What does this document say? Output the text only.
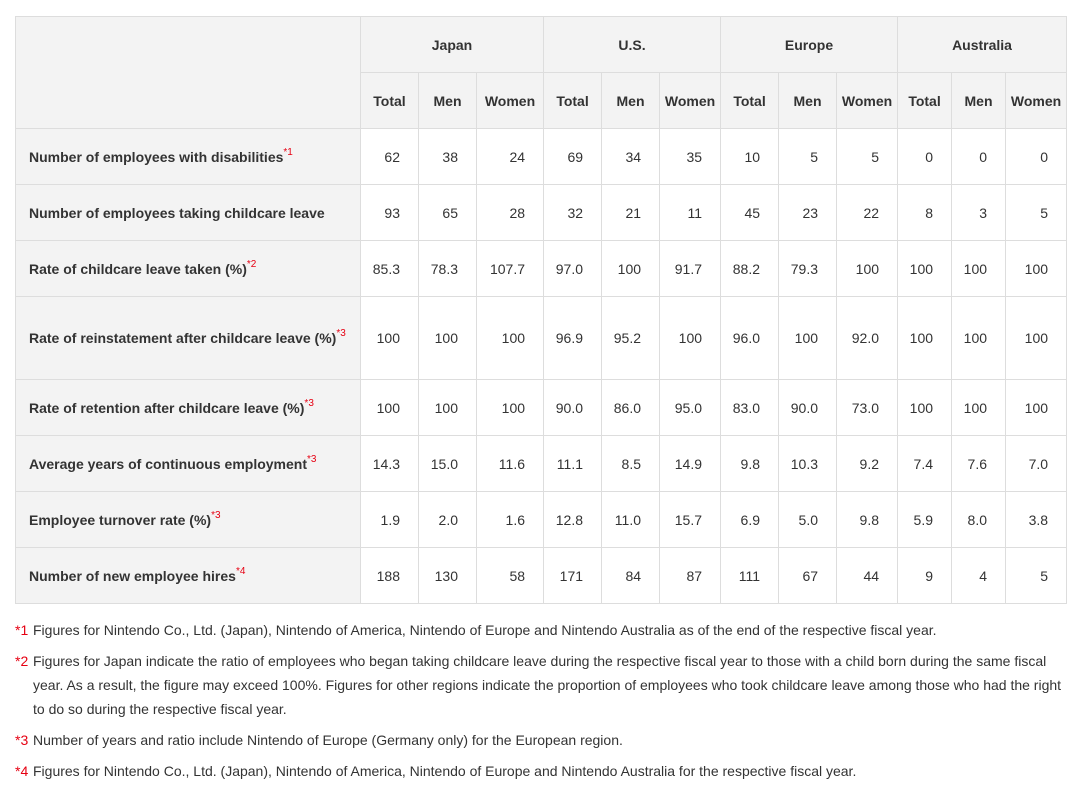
	Japan			U.S.			Europe			Australia		
	Total	Men	Women	Total	Men	Women	Total	Men	Women	Total	Men	Women
Number of employees with disabilities$^{*1}$	62	38	24	69	34	35	10	5	5	0	0	0
Number of employees taking childcare leave	93	65	28	32	21	11	45	23	22	8	3	5
Rate of childcare leave taken (%)$^{*2}$	85.3	78.3	107.7	97.0	100	91.7	88.2	79.3	100	100	100	100
Rate of reinstatement after childcare leave (%)$^{*3}$	100	100	100	96.9	95.2	100	96.0	100	92.0	100	100	100
Rate of retention after childcare leave (%)$^{*3}$	100	100	100	90.0	86.0	95.0	83.0	90.0	73.0	100	100	100
Average years of continuous employment$^{*3}$	14.3	15.0	11.6	11.1	8.5	14.9	9.8	10.3	9.2	7.4	7.6	7.0
Employee turnover rate (%)$^{*3}$	1.9	2.0	1.6	12.8	11.0	15.7	6.9	5.0	9.8	5.9	8.0	3.8
Number of new employee hires$^{*4}$	188	130	58	171	84	87	111	67	44	9	4	5
*1 Figures for Nintendo Co., Ltd. (Japan), Nintendo of America, Nintendo of Europe and Nintendo Australia as of the end of the respective fiscal year.
*2 Figures for Japan indicate the ratio of employees who began taking childcare leave during the respective fiscal year to those with a child born during the same fiscal year. As a result, the figure may exceed 100%. Figures for other regions indicate the proportion of employees who took childcare leave among those who had the right to do so during the respective fiscal year.
*3 Number of years and ratio include Nintendo of Europe (Germany only) for the European region.
*4 Figures for Nintendo Co., Ltd. (Japan), Nintendo of America, Nintendo of Europe and Nintendo Australia for the respective fiscal year.
